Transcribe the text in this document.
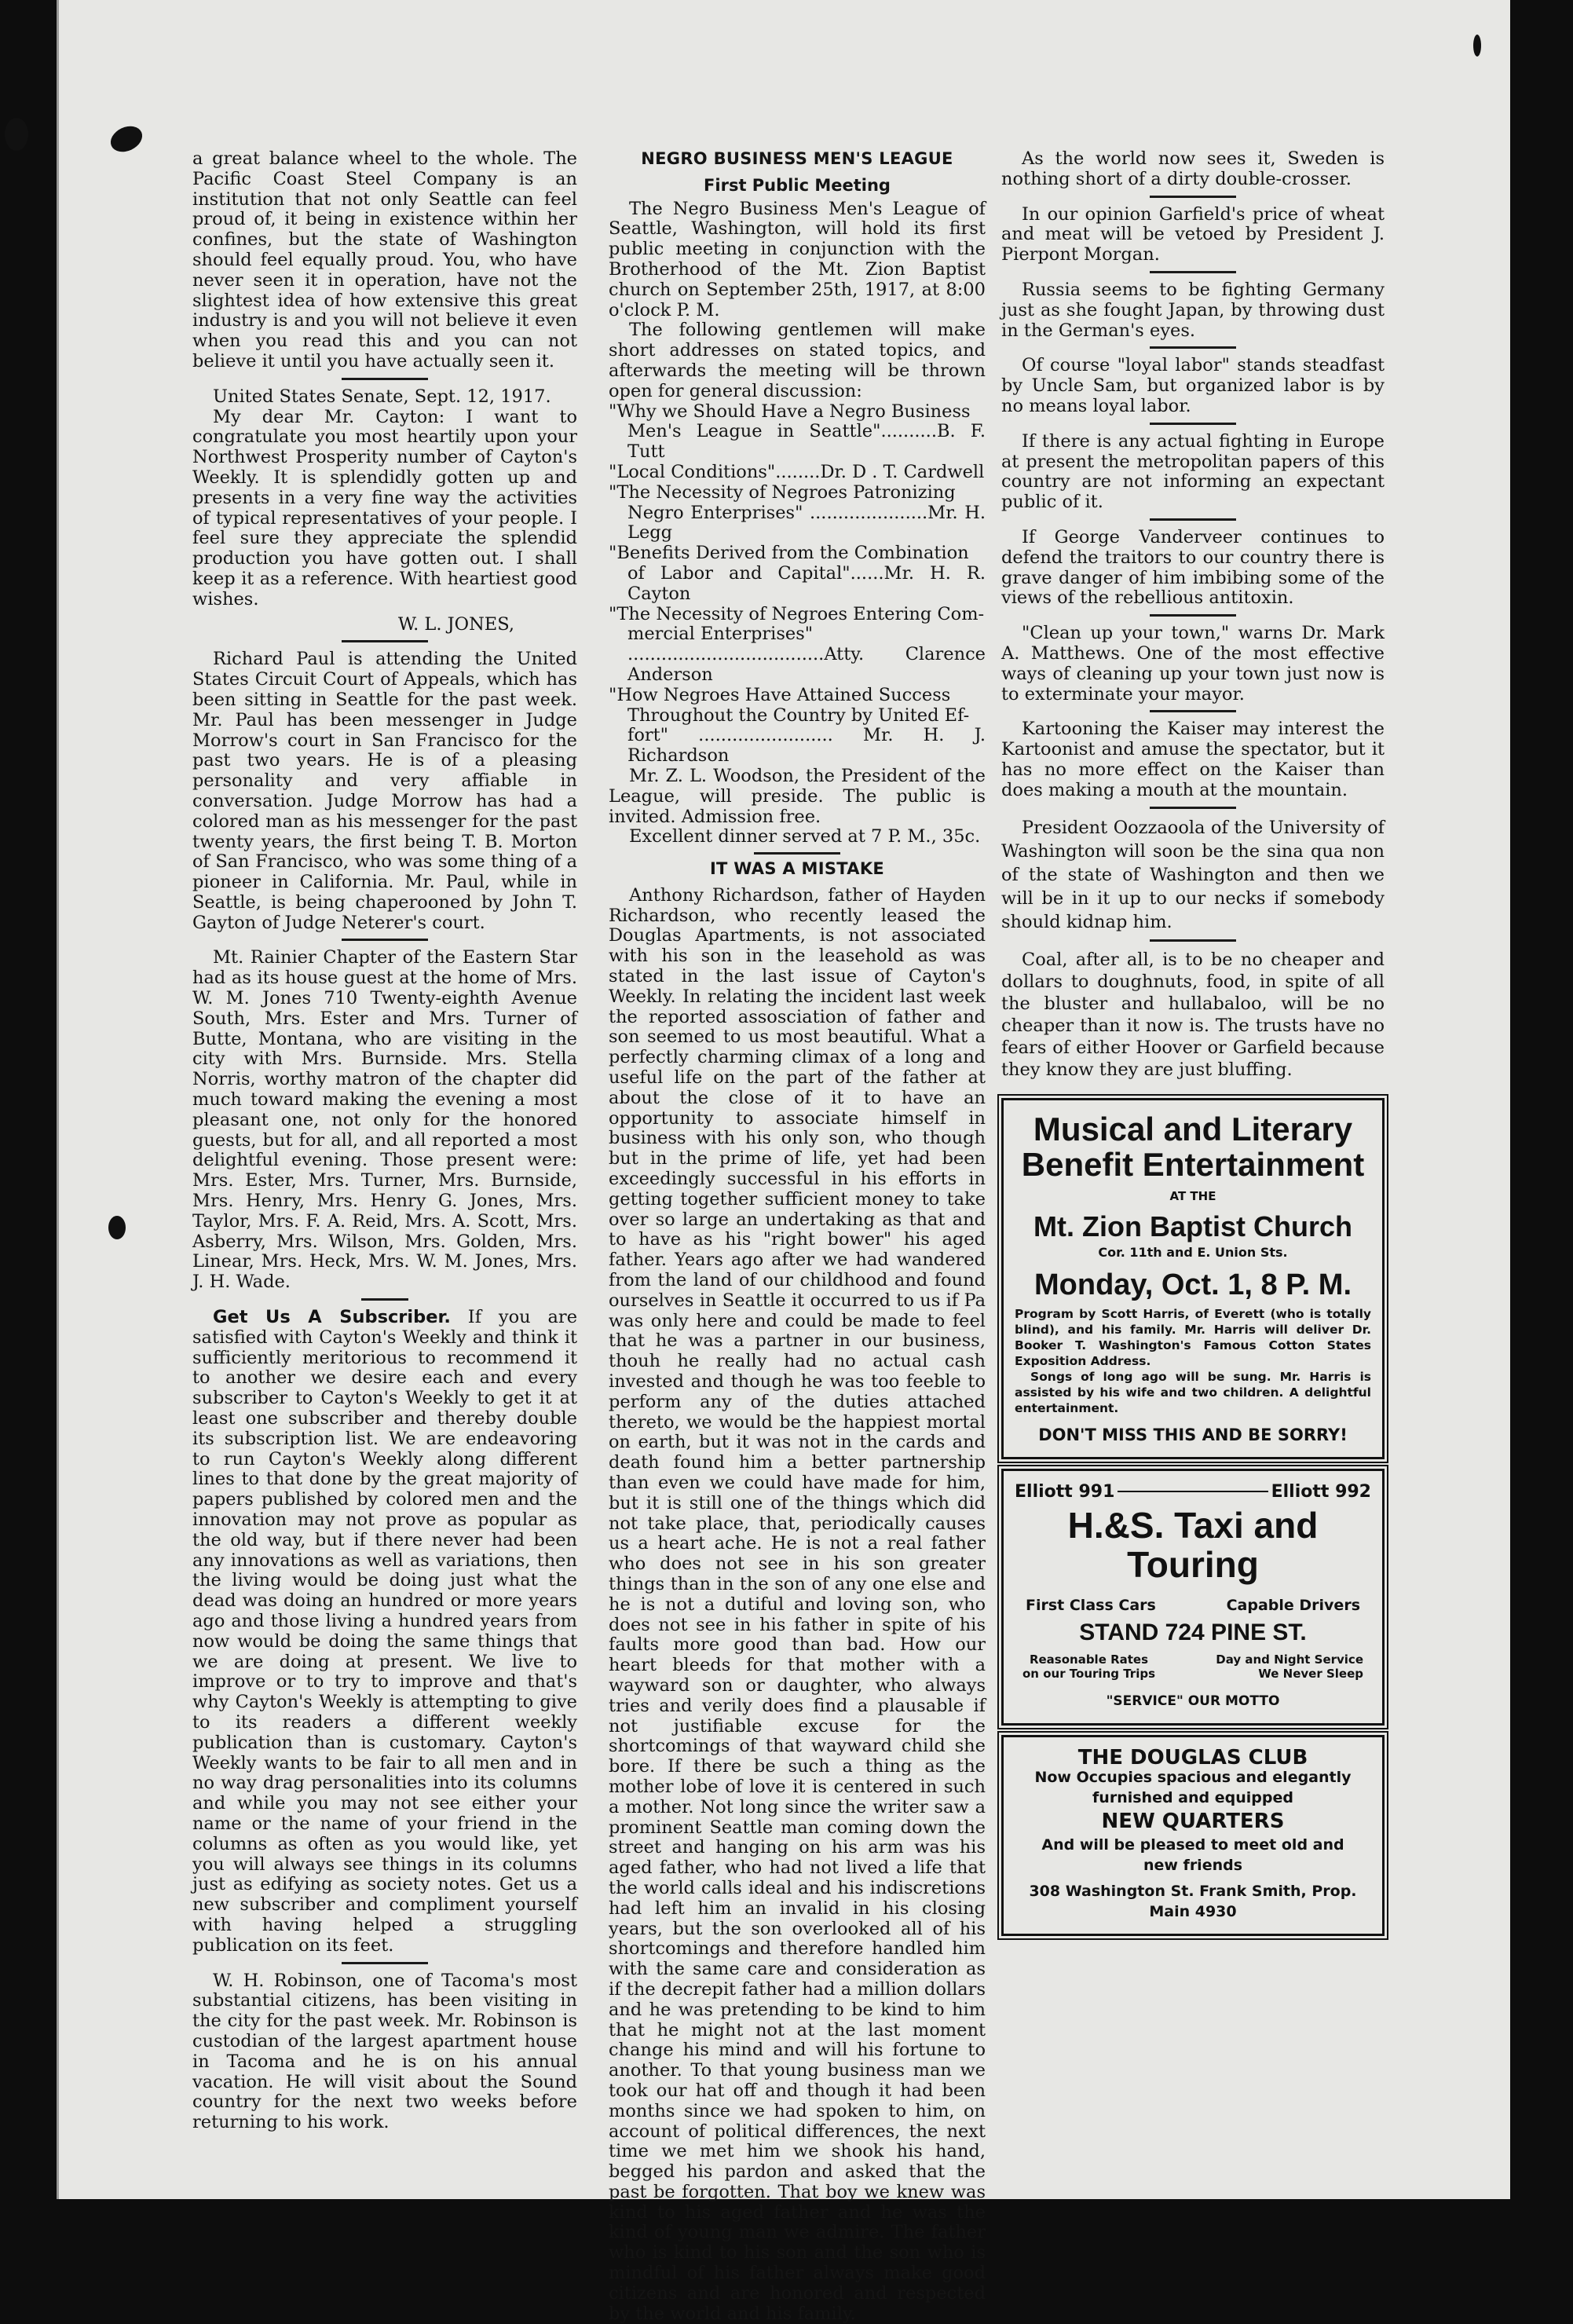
a great balance wheel to the whole. The Pacific Coast Steel Company is an institution that not only Seattle can feel proud of, it being in existence within her confines, but the state of Washington should feel equally proud. You, who have never seen it in operation, have not the slightest idea of how extensive this great industry is and you will not believe it even when you read this and you can not believe it until you have actually seen it.

United States Senate, Sept. 12, 1917.

My dear Mr. Cayton: I want to congratulate you most heartily upon your Northwest Prosperity number of Cayton's Weekly. It is splendidly gotten up and presents in a very fine way the activities of typical representatives of your people. I feel sure they appreciate the splendid production you have gotten out. I shall keep it as a reference. With heartiest good wishes.

W. L. JONES,

Richard Paul is attending the United States Circuit Court of Appeals, which has been sitting in Seattle for the past week. Mr. Paul has been messenger in Judge Morrow's court in San Francisco for the past two years. He is of a pleasing personality and very affiable in conversation. Judge Morrow has had a colored man as his messenger for the past twenty years, the first being T. B. Morton of San Francisco, who was some thing of a pioneer in California. Mr. Paul, while in Seattle, is being chaperooned by John T. Gayton of Judge Neterer's court.

Mt. Rainier Chapter of the Eastern Star had as its house guest at the home of Mrs. W. M. Jones 710 Twenty-eighth Avenue South, Mrs. Ester and Mrs. Turner of Butte, Montana, who are visiting in the city with Mrs. Burnside. Mrs. Stella Norris, worthy matron of the chapter did much toward making the evening a most pleasant one, not only for the honored guests, but for all, and all reported a most delightful evening. Those present were: Mrs. Ester, Mrs. Turner, Mrs. Burnside, Mrs. Henry, Mrs. Henry G. Jones, Mrs. Taylor, Mrs. F. A. Reid, Mrs. A. Scott, Mrs. Asberry, Mrs. Wilson, Mrs. Golden, Mrs. Linear, Mrs. Heck, Mrs. W. M. Jones, Mrs. J. H. Wade.

Get Us A Subscriber. If you are satisfied with Cayton's Weekly and think it sufficiently meritorious to recommend it to another we desire each and every subscriber to Cayton's Weekly to get it at least one subscriber and thereby double its subscription list. We are endeavoring to run Cayton's Weekly along different lines to that done by the great majority of papers published by colored men and the innovation may not prove as popular as the old way, but if there never had been any innovations as well as variations, then the living would be doing just what the dead was doing an hundred or more years ago and those living a hundred years from now would be doing the same things that we are doing at present. We live to improve or to try to improve and that's why Cayton's Weekly is attempting to give to its readers a different weekly publication than is customary. Cayton's Weekly wants to be fair to all men and in no way drag personalities into its columns and while you may not see either your name or the name of your friend in the columns as often as you would like, yet you will always see things in its columns just as edifying as society notes. Get us a new subscriber and compliment yourself with having helped a struggling publication on its feet.

W. H. Robinson, one of Tacoma's most substantial citizens, has been visiting in the city for the past week. Mr. Robinson is custodian of the largest apartment house in Tacoma and he is on his annual vacation. He will visit about the Sound country for the next two weeks before returning to his work.

NEGRO BUSINESS MEN'S LEAGUE
First Public Meeting

The Negro Business Men's League of Seattle, Washington, will hold its first public meeting in conjunction with the Brotherhood of the Mt. Zion Baptist church on September 25th, 1917, at 8:00 o'clock P. M.

The following gentlemen will make short addresses on stated topics, and afterwards the meeting will be thrown open for general discussion:

"Why we Should Have a Negro Business

Men's League in Seattle"..........B. F. Tutt
"Local Conditions"........Dr. D . T. Cardwell
"The Necessity of Negroes Patronizing

Negro Enterprises" .....................Mr. H. Legg
"Benefits Derived from the Combination

of Labor and Capital"......Mr. H. R. Cayton
"The Necessity of Negroes Entering Com-

mercial Enterprises"
...................................Atty. Clarence Anderson
"How Negroes Have Attained Success

Throughout the Country by United Ef-
fort" ........................ Mr. H. J. Richardson

Mr. Z. L. Woodson, the President of the League, will preside. The public is invited. Admission free.

Excellent dinner served at 7 P. M., 35c.

IT WAS A MISTAKE

Anthony Richardson, father of Hayden Richardson, who recently leased the Douglas Apartments, is not associated with his son in the leasehold as was stated in the last issue of Cayton's Weekly. In relating the incident last week the reported assosciation of father and son seemed to us most beautiful. What a perfectly charming climax of a long and useful life on the part of the father at about the close of it to have an opportunity to associate himself in business with his only son, who though but in the prime of life, yet had been exceedingly successful in his efforts in getting together sufficient money to take over so large an undertaking as that and to have as his "right bower" his aged father. Years ago after we had wandered from the land of our childhood and found ourselves in Seattle it occurred to us if Pa was only here and could be made to feel that he was a partner in our business, thouh he really had no actual cash invested and though he was too feeble to perform any of the duties attached thereto, we would be the happiest mortal on earth, but it was not in the cards and death found him a better partnership than even we could have made for him, but it is still one of the things which did not take place, that, periodically causes us a heart ache. He is not a real father who does not see in his son greater things than in the son of any one else and he is not a dutiful and loving son, who does not see in his father in spite of his faults more good than bad. How our heart bleeds for that mother with a wayward son or daughter, who always tries and verily does find a plausable if not justifiable excuse for the shortcomings of that wayward child she bore. If there be such a thing as the mother lobe of love it is centered in such a mother. Not long since the writer saw a prominent Seattle man coming down the street and hanging on his arm was his aged father, who had not lived a life that the world calls ideal and his indiscretions had left him an invalid in his closing years, but the son overlooked all of his shortcomings and therefore handled him with the same care and consideration as if the decrepit father had a million dollars and he was pretending to be kind to him that he might not at the last moment change his mind and will his fortune to another. To that young business man we took our hat off and though it had been months since we had spoken to him, on account of political differences, the next time we met him we shook his hand, begged his pardon and asked that the past be forgotten. That boy we knew was kind to his aged father and he was the kind of young man we admire. The father who is kind to his son and the son who is mindful of his father always make good citizens and are honored and respected by the world and his family.

As the world now sees it, Sweden is nothing short of a dirty double-crosser.

In our opinion Garfield's price of wheat and meat will be vetoed by President J. Pierpont Morgan.

Russia seems to be fighting Germany just as she fought Japan, by throwing dust in the German's eyes.

Of course "loyal labor" stands steadfast by Uncle Sam, but organized labor is by no means loyal labor.

If there is any actual fighting in Europe at present the metropolitan papers of this country are not informing an expectant public of it.

If George Vanderveer continues to defend the traitors to our country there is grave danger of him imbibing some of the views of the rebellious antitoxin.

"Clean up your town," warns Dr. Mark A. Matthews. One of the most effective ways of cleaning up your town just now is to exterminate your mayor.

Kartooning the Kaiser may interest the Kartoonist and amuse the spectator, but it has no more effect on the Kaiser than does making a mouth at the mountain.

President Oozzaoola of the University of Washington will soon be the sina qua non of the state of Washington and then we will be in it up to our necks if somebody should kidnap him.

Coal, after all, is to be no cheaper and dollars to doughnuts, food, in spite of all the bluster and hullabaloo, will be no cheaper than it now is. The trusts have no fears of either Hoover or Garfield because they know they are just bluffing.

Musical and Literary
Benefit Entertainment
AT THE
Mt. Zion Baptist Church
Cor. 11th and E. Union Sts.
Monday, Oct. 1, 8 P. M.
Program by Scott Harris, of Everett (who is totally blind), and his family. Mr. Harris will deliver Dr. Booker T. Washington's Famous Cotton States Exposition Address.
Songs of long ago will be sung. Mr. Harris is assisted by his wife and two children. A delightful entertainment.
DON'T MISS THIS AND BE SORRY!
Elliott 991	Elliott 992
H.&S. Taxi and Touring
First Class Cars	Capable Drivers
STAND 724 PINE ST.
Reasonable Rates
on our Touring Trips
Day and Night Service
We Never Sleep
"SERVICE" OUR MOTTO
THE DOUGLAS CLUB
Now Occupies spacious and elegantly
furnished and equipped
NEW QUARTERS
And will be pleased to meet old and
new friends
308 Washington St. Frank Smith, Prop.
Main 4930
